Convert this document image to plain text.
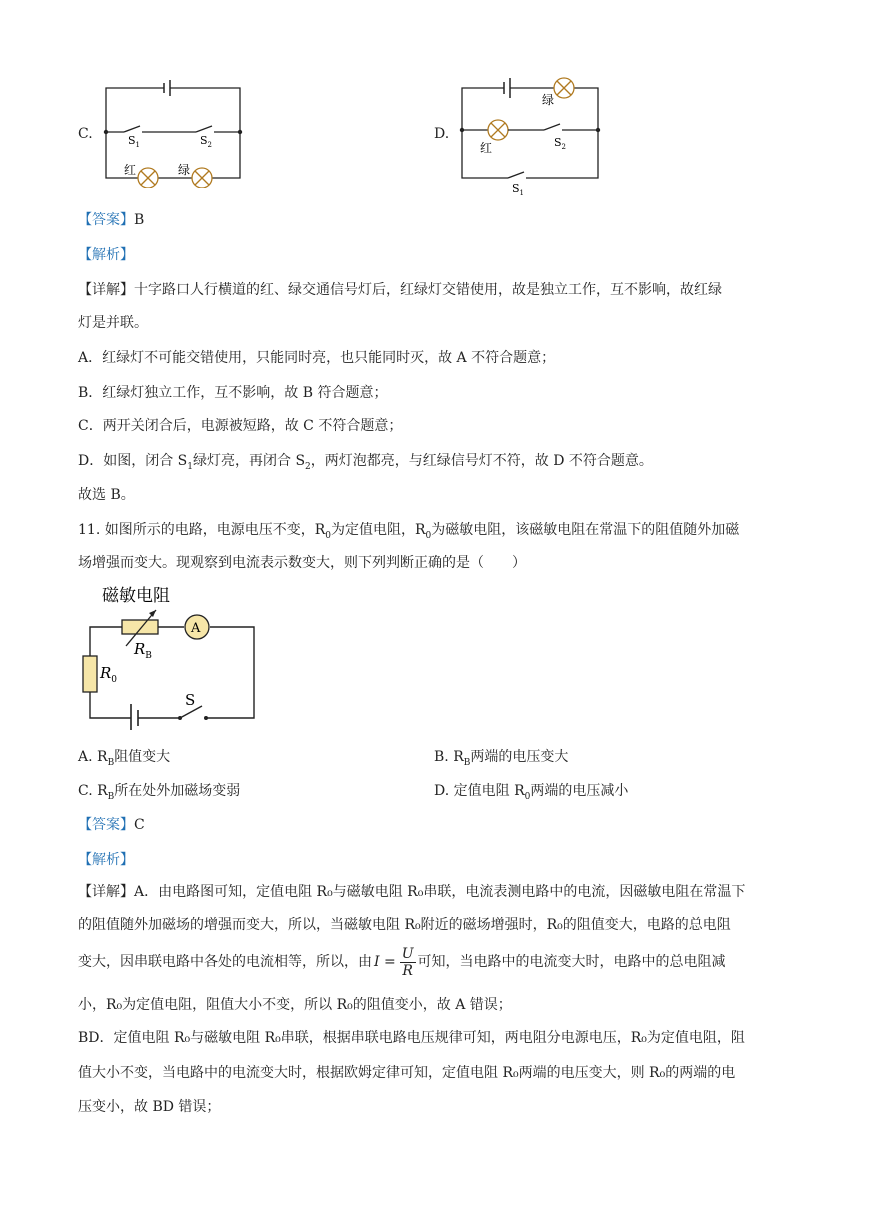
C.	$S_1$	$S_2$
红	绿
D.
绿
红	$S_2$
$S_1$
【答案】B
【解析】
【详解】十字路口人行横道的红、绿交通信号灯后，红绿灯交错使用，故是独立工作，互不影响，故红绿
灯是并联。
A．红绿灯不可能交错使用，只能同时亮，也只能同时灭，故 A 不符合题意；
B．红绿灯独立工作，互不影响，故 B 符合题意；
C．两开关闭合后，电源被短路，故 C 不符合题意；
D．如图，闭合 $S_1$绿灯亮，再闭合 $S_2$，两灯泡都亮，与红绿信号灯不符，故 D 不符合题意。
故选 B。
11. 如图所示的电路，电源电压不变，$R_0$为定值电阻，$R_0$为磁敏电阻，该磁敏电阻在常温下的阻值随外加磁
场增强而变大。现观察到电流表示数变大，则下列判断正确的是（　　）
磁敏电阻
A
$R_B$
$R_0$
S
A. $R_B$阻值变大	B. $R_B$两端的电压变大
C. $R_B$所在处外加磁场变弱	D. 定值电阻 $R_0$两端的电压减小
【答案】C
【解析】
【详解】A．由电路图可知，定值电阻 R₀与磁敏电阻 R₀串联，电流表测电路中的电流，因磁敏电阻在常温下
的阻值随外加磁场的增强而变大，所以，当磁敏电阻 R₀附近的磁场增强时，R₀的阻值变大，电路的总电阻
变大，因串联电路中各处的电流相等，所以，由 $I = \frac{U}{R}$ 可知，当电路中的电流变大时，电路中的总电阻减
小，R₀为定值电阻，阻值大小不变，所以 R₀的阻值变小，故 A 错误；
BD．定值电阻 R₀与磁敏电阻 R₀串联，根据串联电路电压规律可知，两电阻分电源电压，R₀为定值电阻，阻
值大小不变，当电路中的电流变大时，根据欧姆定律可知，定值电阻 R₀两端的电压变大，则 R₀的两端的电
压变小，故 BD 错误；
